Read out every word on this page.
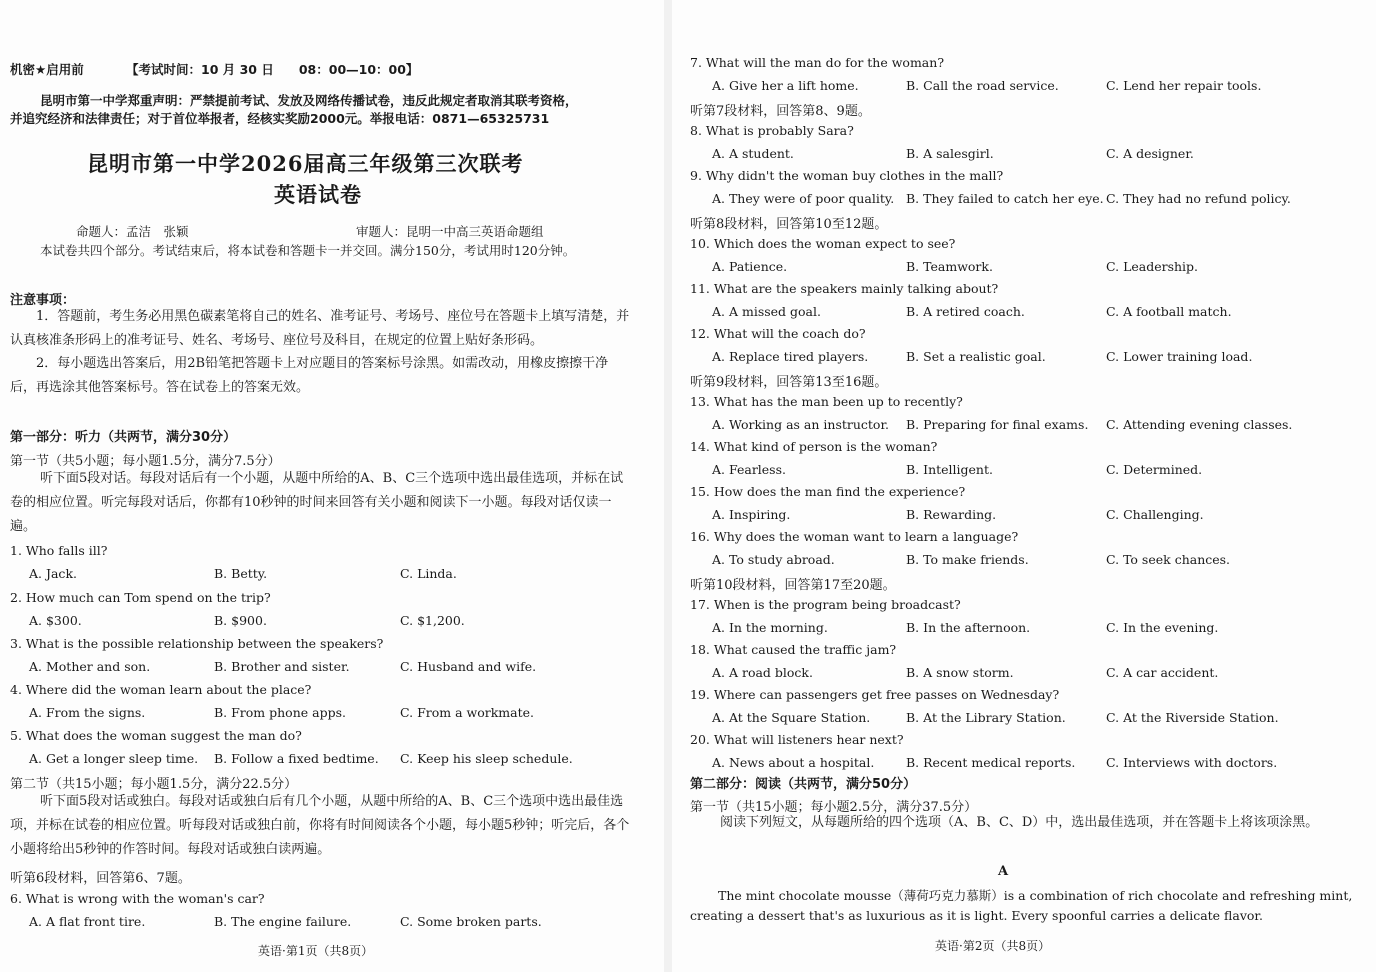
机密★启用前	【考试时间：10 月 30 日　　08：00—10：00】
昆明市第一中学郑重声明：严禁提前考试、发放及网络传播试卷，违反此规定者取消其联考资格，
并追究经济和法律责任；对于首位举报者，经核实奖励2000元。举报电话：0871—65325731
昆明市第一中学2026届高三年级第三次联考
英语试卷
命题人：孟洁　张颖	审题人：昆明一中高三英语命题组
本试卷共四个部分。考试结束后，将本试卷和答题卡一并交回。满分150分，考试用时120分钟。
注意事项：
1．答题前，考生务必用黑色碳素笔将自己的姓名、准考证号、考场号、座位号在答题卡上填写清楚，并认真核准条形码上的准考证号、姓名、考场号、座位号及科目，在规定的位置上贴好条形码。
2．每小题选出答案后，用2B铅笔把答题卡上对应题目的答案标号涂黑。如需改动，用橡皮擦擦干净后，再选涂其他答案标号。答在试卷上的答案无效。
第一部分：听力（共两节，满分30分）
第一节（共5小题；每小题1.5分，满分7.5分）
听下面5段对话。每段对话后有一个小题，从题中所给的A、B、C三个选项中选出最佳选项，并标在试卷的相应位置。听完每段对话后，你都有10秒钟的时间来回答有关小题和阅读下一小题。每段对话仅读一遍。
1. Who falls ill?
A. Jack.	B. Betty.	C. Linda.
2. How much can Tom spend on the trip?
A. $300.	B. $900.	C. $1,200.
3. What is the possible relationship between the speakers?
A. Mother and son.	B. Brother and sister.	C. Husband and wife.
4. Where did the woman learn about the place?
A. From the signs.	B. From phone apps.	C. From a workmate.
5. What does the woman suggest the man do?
A. Get a longer sleep time. B. Follow a fixed bedtime. C. Keep his sleep schedule.
第二节（共15小题；每小题1.5分，满分22.5分）
听下面5段对话或独白。每段对话或独白后有几个小题，从题中所给的A、B、C三个选项中选出最佳选项，并标在试卷的相应位置。听每段对话或独白前，你将有时间阅读各个小题，每小题5秒钟；听完后，各个小题将给出5秒钟的作答时间。每段对话或独白读两遍。
听第6段材料，回答第6、7题。
6. What is wrong with the woman's car?
A. A flat front tire.	B. The engine failure.	C. Some broken parts.
英语·第1页（共8页）
7. What will the man do for the woman?
A. Give her a lift home.	B. Call the road service.	C. Lend her repair tools.
听第7段材料，回答第8、9题。
8. What is probably Sara?
A. A student.	B. A salesgirl.	C. A designer.
9. Why didn't the woman buy clothes in the mall?
A. They were of poor quality. B. They failed to catch her eye. C. They had no refund policy.
听第8段材料，回答第10至12题。
10. Which does the woman expect to see?
A. Patience.	B. Teamwork.	C. Leadership.
11. What are the speakers mainly talking about?
A. A missed goal.	B. A retired coach.	C. A football match.
12. What will the coach do?
A. Replace tired players.	B. Set a realistic goal.	C. Lower training load.
听第9段材料，回答第13至16题。
13. What has the man been up to recently?
A. Working as an instructor. B. Preparing for final exams. C. Attending evening classes.
14. What kind of person is the woman?
A. Fearless.	B. Intelligent.	C. Determined.
15. How does the man find the experience?
A. Inspiring.	B. Rewarding.	C. Challenging.
16. Why does the woman want to learn a language?
A. To study abroad.	B. To make friends.	C. To seek chances.
听第10段材料，回答第17至20题。
17. When is the program being broadcast?
A. In the morning.	B. In the afternoon.	C. In the evening.
18. What caused the traffic jam?
A. A road block.	B. A snow storm.	C. A car accident.
19. Where can passengers get free passes on Wednesday?
A. At the Square Station.	B. At the Library Station.	C. At the Riverside Station.
20. What will listeners hear next?
A. News about a hospital.	B. Recent medical reports. C. Interviews with doctors.
第二部分：阅读（共两节，满分50分）
第一节（共15小题；每小题2.5分，满分37.5分）
阅读下列短文，从每题所给的四个选项（A、B、C、D）中，选出最佳选项，并在答题卡上将该项涂黑。
A
The mint chocolate mousse（薄荷巧克力慕斯）is a combination of rich chocolate and refreshing mint,
creating a dessert that's as luxurious as it is light. Every spoonful carries a delicate flavor.
英语·第2页（共8页）
